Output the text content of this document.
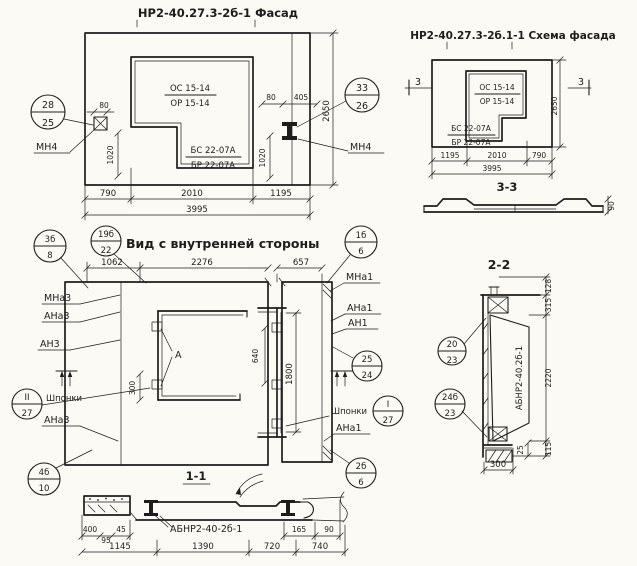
НР2-40.27.3-2б-1 Фасад
ОС 15-14
ОР 15-14
БС 22-07А
БР 22-07А
80
1020
28
25
МН4
80 405
1020
2650
33
26
МН4
790	2010	1195
3995
НР2-40.27.3-2б.1-1 Схема фасада
ОС 15-14
ОР 15-14
БС 22-07А
БР 22-07А
3	3
2650
1195	2010	790
3995
3-3
90
3б
8
19б
22 Вид с внутренней стороны	1б
6
1062	2276	657
А
300
640
1800
МНа3
АНа3
АН3
II
27
Шпонки
АНа3
4б
10
МНа1
АНа1
АН1
25
24
Шпонки
I
27
АНа1
2б
6
1-1
АБНР2-40-2б-1
400
95
45	165 90
1145	1390	720	740
2-2
АБНР2-40.2б-1
20
23
24б
23
128
315
2220
115
25
300
